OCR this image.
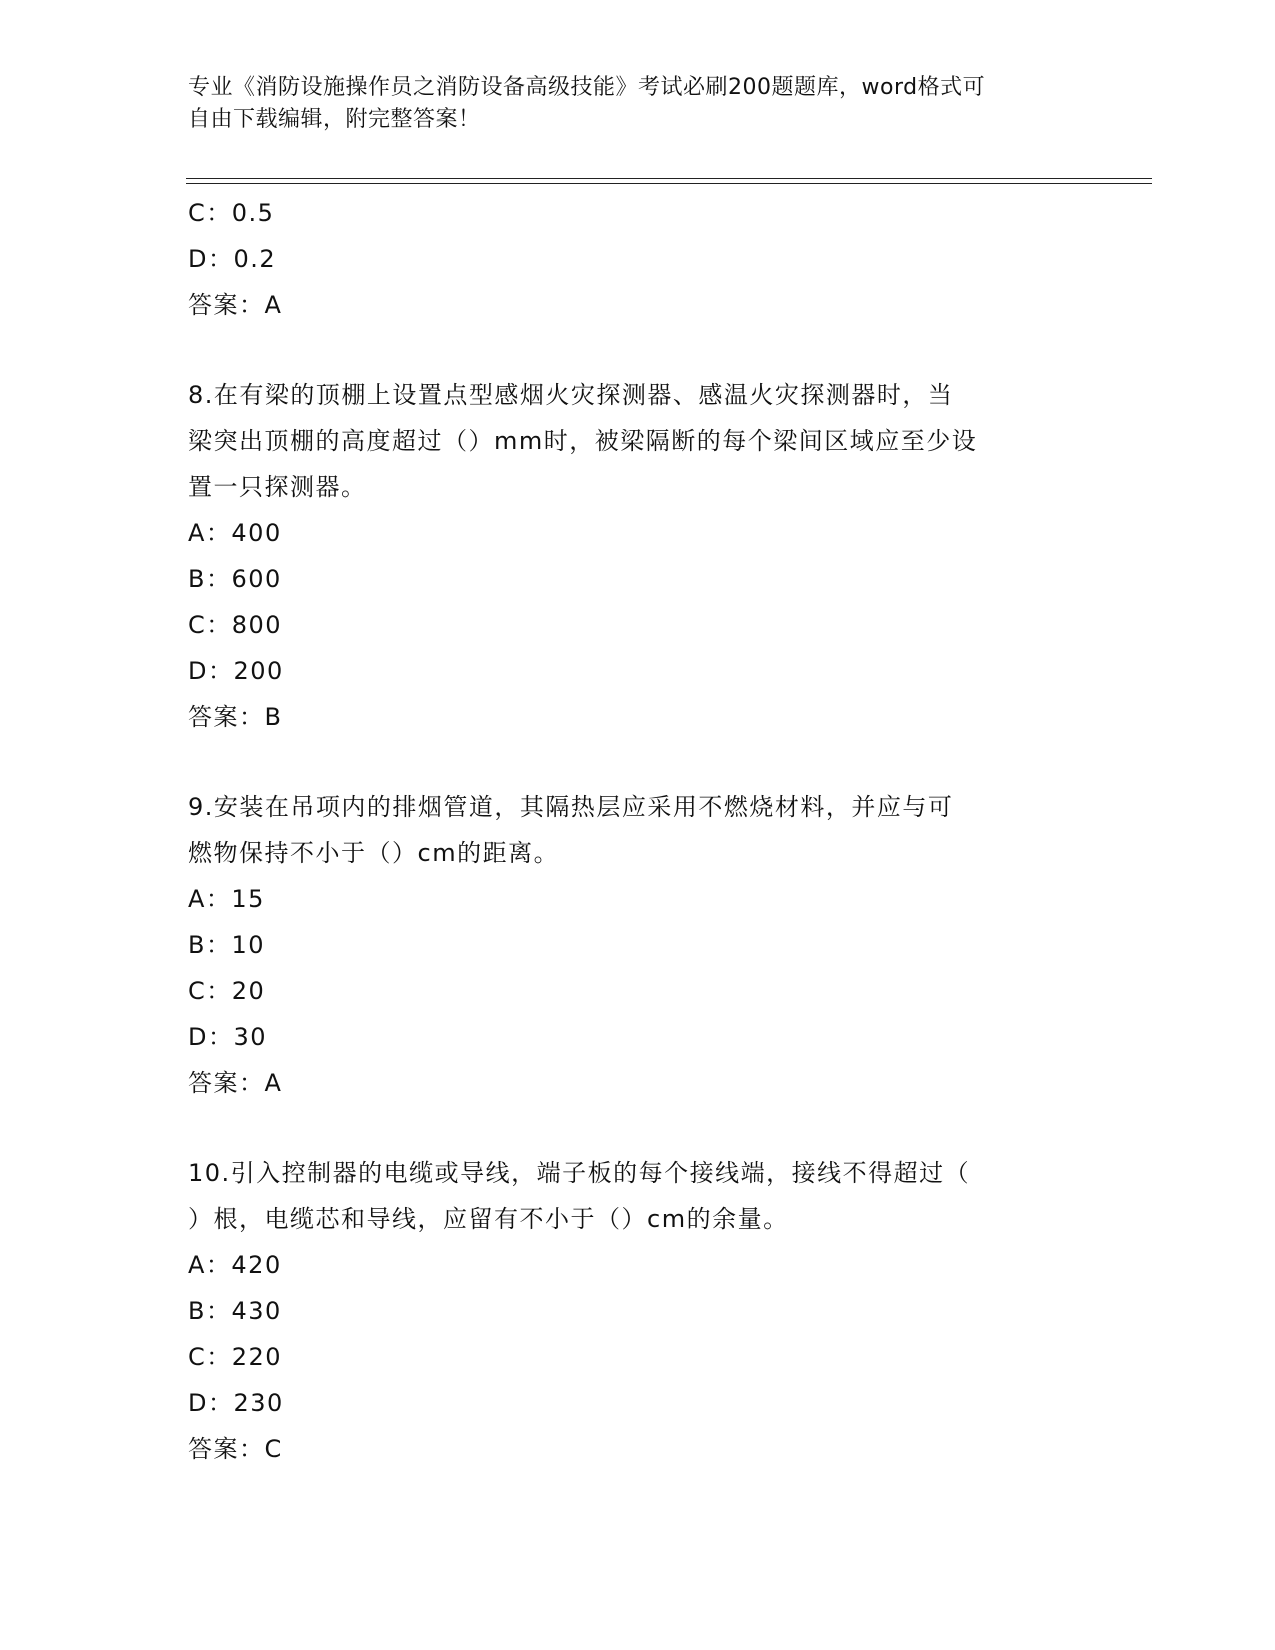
专业《消防设施操作员之消防设备高级技能》考试必刷200题题库，word格式可
自由下载编辑，附完整答案！
C：0.5
D：0.2
答案：A
8.在有梁的顶棚上设置点型感烟火灾探测器、感温火灾探测器时，当
梁突出顶棚的高度超过（）mm时，被梁隔断的每个梁间区域应至少设
置一只探测器。
A：400
B：600
C：800
D：200
答案：B
9.安装在吊项内的排烟管道，其隔热层应采用不燃烧材料，并应与可
燃物保持不小于（）cm的距离。
A：15
B：10
C：20
D：30
答案：A
10.引入控制器的电缆或导线，端子板的每个接线端，接线不得超过（
）根，电缆芯和导线，应留有不小于（）cm的余量。
A：420
B：430
C：220
D：230
答案：C
